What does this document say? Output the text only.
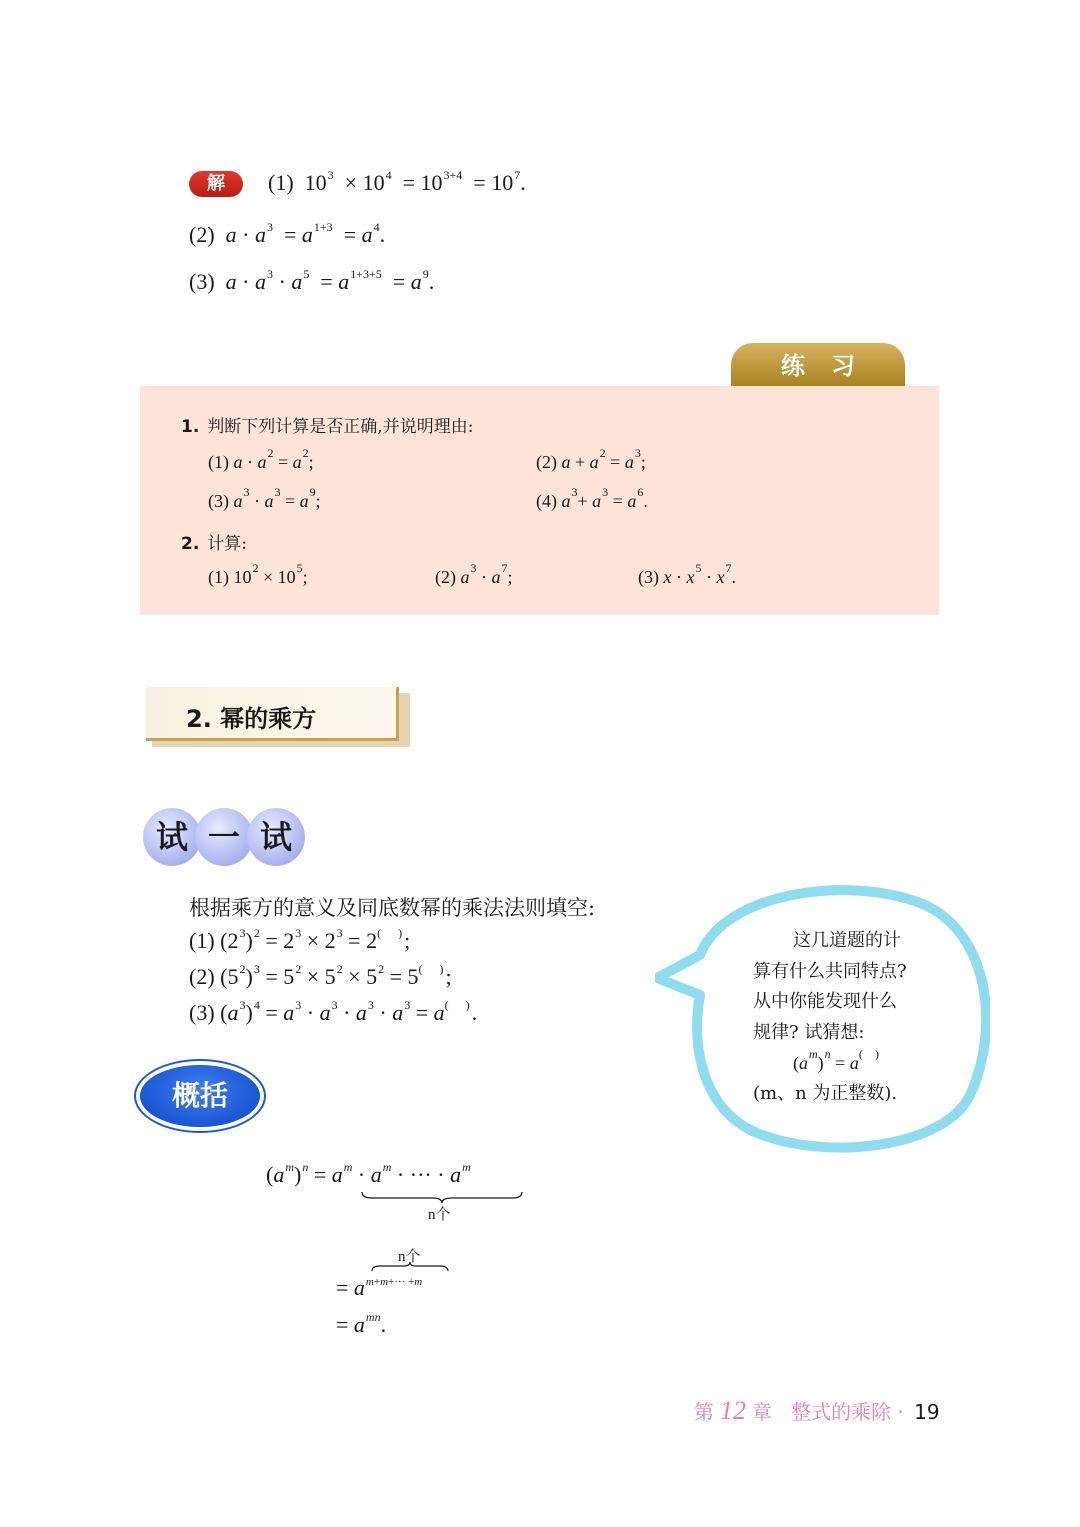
解	(1) $10^3 \times 10^4 = 10^{3+4} = 10^7$.
(2) $a \cdot a^3 = a^{1+3} = a^4$.
(3) $a \cdot a^3 \cdot a^5 = a^{1+3+5} = a^9$.
练习
1. 判断下列计算是否正确,并说明理由:
(1) $a \cdot a^2 = a^2$;	(2) $a + a^2 = a^3$;
(3) $a^3 \cdot a^3 = a^9$;	(4) $a^3+ a^3 = a^6$.
2. 计算:
(1) $10^2 \times 10^5$;	(2) $a^3 \cdot a^7$;	(3) $x \cdot x^5 \cdot x^7$.
2. 幂的乘方
试 一 试
根据乘方的意义及同底数幂的乘法法则填空:
(1) $(2^3)^2 = 2^3 \times 2^3 = 2^{( )}$;
(2) $(5^2)^3 = 5^2 \times 5^2 \times 5^2 = 5^{( )}$;
(3) $(a^3)^4 = a^3 \cdot a^3 \cdot a^3 \cdot a^3 = a^{( )}$.
这几道题的计
算有什么共同特点?
从中你能发现什么
规律? 试猜想:
$(a^m)^n = a^{( )}$
(m、n 为正整数).
概括
$(a^m)^n = a^m \cdot a^m$ · ··· · $a^m$
n个
n个
= $a^{m+m+\cdot\cdot\cdot +m}$
= $a^{mn}$.
第 12 章 整式的乘除 · 19
